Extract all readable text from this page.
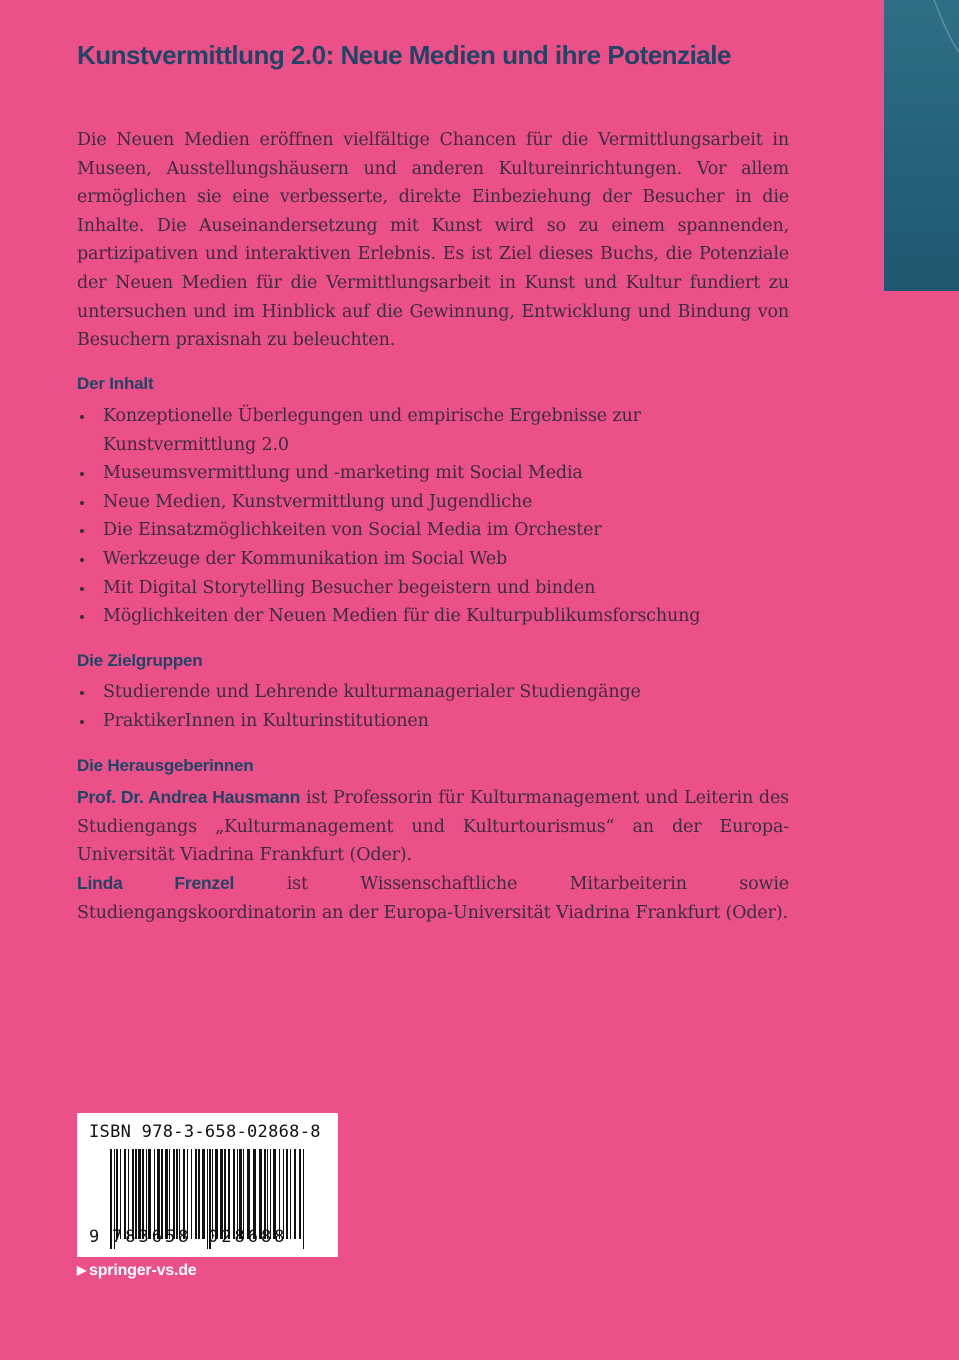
Kunstvermittlung 2.0: Neue Medien und ihre Potenziale

Die Neuen Medien eröffnen vielfältige Chancen für die Vermittlungsarbeit in Museen, Ausstellungshäusern und anderen Kultureinrichtungen. Vor allem ermöglichen sie eine verbesserte, direkte Einbeziehung der Besucher in die Inhalte. Die Auseinandersetzung mit Kunst wird so zu einem spannenden, partizipativen und interaktiven Erlebnis. Es ist Ziel dieses Buchs, die Potenziale der Neuen Medien für die Vermittlungsarbeit in Kunst und Kultur fundiert zu untersuchen und im Hinblick auf die Gewinnung, Entwicklung und Bindung von Besuchern praxisnah zu beleuchten.

Der Inhalt
Konzeptionelle Überlegungen und empirische Ergebnisse zur Kunstvermittlung 2.0
Museumsvermittlung und -marketing mit Social Media
Neue Medien, Kunstvermittlung und Jugendliche
Die Einsatzmöglichkeiten von Social Media im Orchester
Werkzeuge der Kommunikation im Social Web
Mit Digital Storytelling Besucher begeistern und binden
Möglichkeiten der Neuen Medien für die Kulturpublikumsforschung
Die Zielgruppen
Studierende und Lehrende kulturmanagerialer Studiengänge
PraktikerInnen in Kulturinstitutionen
Die Herausgeberinnen

Prof. Dr. Andrea Hausmann ist Professorin für Kulturmanagement und Leiterin des Studiengangs „Kulturmanagement und Kulturtourismus“ an der Europa-Universität Viadrina Frankfurt (Oder).

Linda Frenzel	ist Wissenschaftliche Mitarbeiterin sowie Studiengangskoordinatorin an der Europa-Universität Viadrina Frankfurt (Oder).

ISBN 978-3-658-02868-8
9 783658 028688
▶ springer-vs.de
